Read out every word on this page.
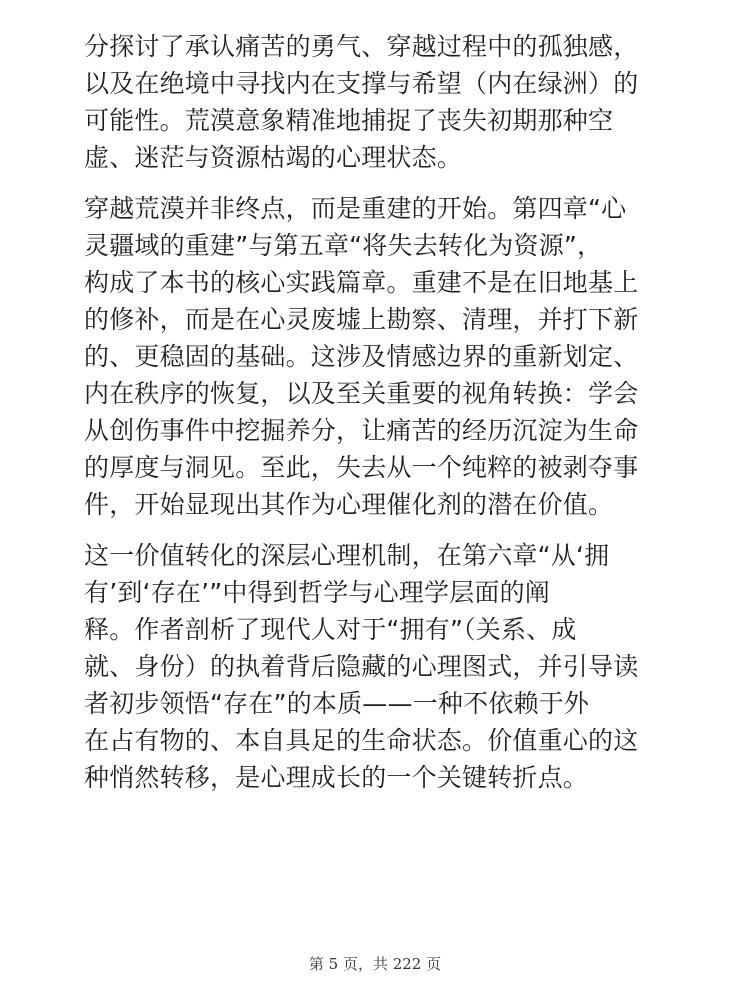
分探讨了承认痛苦的勇气、穿越过程中的孤独感，
以及在绝境中寻找内在支撑与希望（内在绿洲）的
可能性。荒漠意象精准地捕捉了丧失初期那种空
虚、迷茫与资源枯竭的心理状态。

穿越荒漠并非终点，而是重建的开始。第四章“心
灵疆域的重建”与第五章“将失去转化为资源”，
构成了本书的核心实践篇章。重建不是在旧地基上
的修补，而是在心灵废墟上勘察、清理，并打下新
的、更稳固的基础。这涉及情感边界的重新划定、
内在秩序的恢复，以及至关重要的视角转换：学会
从创伤事件中挖掘养分，让痛苦的经历沉淀为生命
的厚度与洞见。至此，失去从一个纯粹的被剥夺事
件，开始显现出其作为心理催化剂的潜在价值。

这一价值转化的深层心理机制，在第六章“从‘拥
有’到‘存在’”中得到哲学与心理学层面的阐
释。作者剖析了现代人对于“拥有”（关系、成
就、身份）的执着背后隐藏的心理图式，并引导读
者初步领悟“存在”的本质——一种不依赖于外
在占有物的、本自具足的生命状态。价值重心的这
种悄然转移，是心理成长的一个关键转折点。

第 5 页，共 222 页
